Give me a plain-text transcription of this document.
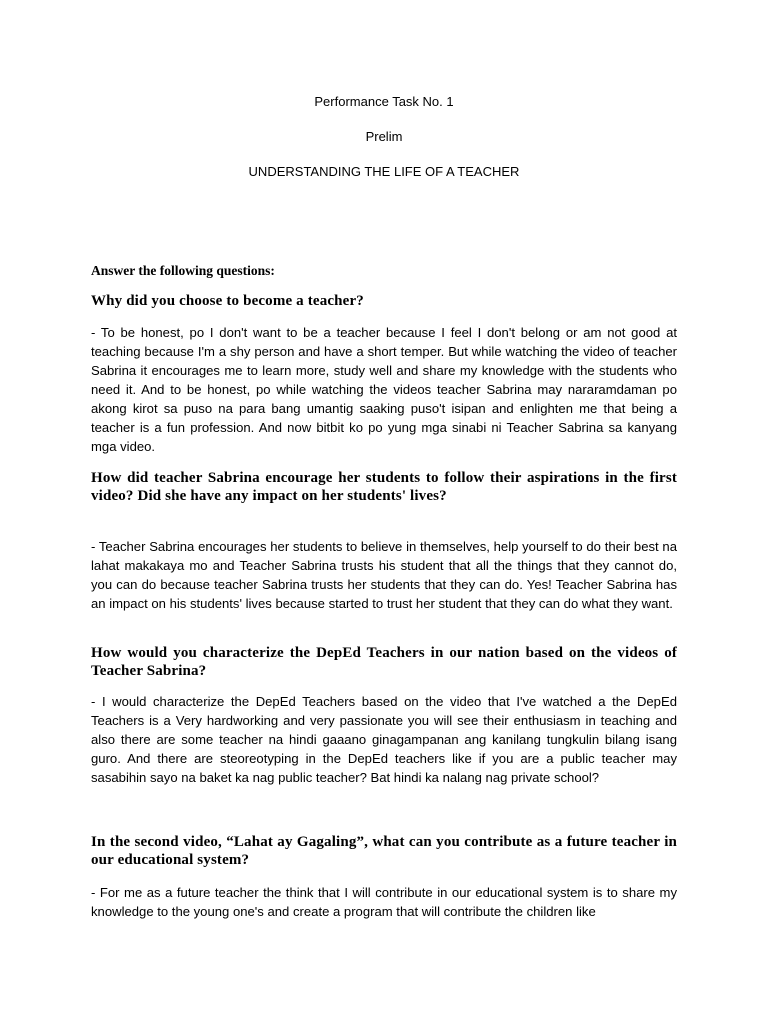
Performance Task No. 1
Prelim
UNDERSTANDING THE LIFE OF A TEACHER

Answer the following questions:

Why did you choose to become a teacher?

- To be honest, po I don't want to be a teacher because I feel I don't belong or am not good at teaching because I'm a shy person and have a short temper. But while watching the video of teacher Sabrina it encourages me to learn more, study well and share my knowledge with the students who need it. And to be honest, po while watching the videos teacher Sabrina may nararamdaman po akong kirot sa puso na para bang umantig saaking puso't isipan and enlighten me that being a teacher is a fun profession. And now bitbit ko po yung mga sinabi ni Teacher Sabrina sa kanyang mga video.

How did teacher Sabrina encourage her students to follow their aspirations in the first video? Did she have any impact on her students' lives?

- Teacher Sabrina encourages her students to believe in themselves, help yourself to do their best na lahat makakaya mo and Teacher Sabrina trusts his student that all the things that they cannot do, you can do because teacher Sabrina trusts her students that they can do. Yes! Teacher Sabrina has an impact on his students' lives because started to trust her student that they can do what they want.

How would you characterize the DepEd Teachers in our nation based on the videos of Teacher Sabrina?

- I would characterize the DepEd Teachers based on the video that I've watched a the DepEd Teachers is a Very hardworking and very passionate you will see their enthusiasm in teaching and also there are some teacher na hindi gaaano ginagampanan ang kanilang tungkulin bilang isang guro. And there are steoreotyping in the DepEd teachers like if you are a public teacher may sasabihin sayo na baket ka nag public teacher? Bat hindi ka nalang nag private school?

In the second video, “Lahat ay Gagaling”, what can you contribute as a future teacher in our educational system?

- For me as a future teacher the think that I will contribute in our educational system is to share my knowledge to the young one's and create a program that will contribute the children like
